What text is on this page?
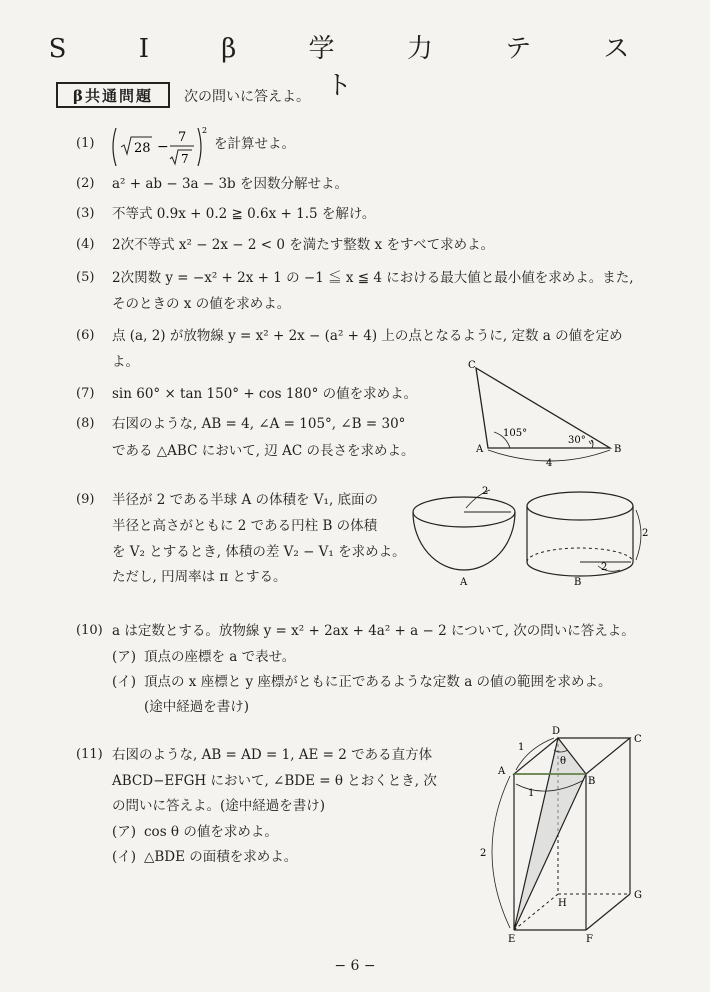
S I β 学 力 テ ス ト
β共通問題	次の問いに答えよ。
(1)	28 −
7
7
2
を計算せよ。
(2) a² + ab − 3a − 3b を因数分解せよ。
(3) 不等式 0.9x + 0.2 ≧ 0.6x + 1.5 を解け。
(4) 2次不等式 x² − 2x − 2 < 0 を満たす整数 x をすべて求めよ。
(5) 2次関数 y = −x² + 2x + 1 の −1 ≦ x ≦ 4 における最大値と最小値を求めよ。また,
そのときの x の値を求めよ。
(6) 点 (a, 2) が放物線 y = x² + 2x − (a² + 4) 上の点となるように, 定数 a の値を定め
よ。
(7) sin 60° × tan 150° + cos 180° の値を求めよ。
(8) 右図のような, AB = 4, ∠A = 105°, ∠B = 30°
である △ABC において, 辺 AC の長さを求めよ。
C
A	B
105°
30°
4
(9) 半径が 2 である半球 A の体積を V₁, 底面の
半径と高さがともに 2 である円柱 B の体積
を V₂ とするとき, 体積の差 V₂ − V₁ を求めよ。
ただし, 円周率は π とする。
2
A
2
2
B
(10) a は定数とする。放物線 y = x² + 2ax + 4a² + a − 2 について, 次の問いに答えよ。
(ア) 頂点の座標を a で表せ。
(イ) 頂点の x 座標と y 座標がともに正であるような定数 a の値の範囲を求めよ。
(途中経過を書け)
(11) 右図のような, AB = AD = 1, AE = 2 である直方体
ABCD−EFGH において, ∠BDE = θ とおくとき, 次
の問いに答えよ。(途中経過を書け)
(ア) cos θ の値を求めよ。
(イ) △BDE の面積を求めよ。
θ
1
1
2
A
B
C
D
E	F
G
H
− 6 −
